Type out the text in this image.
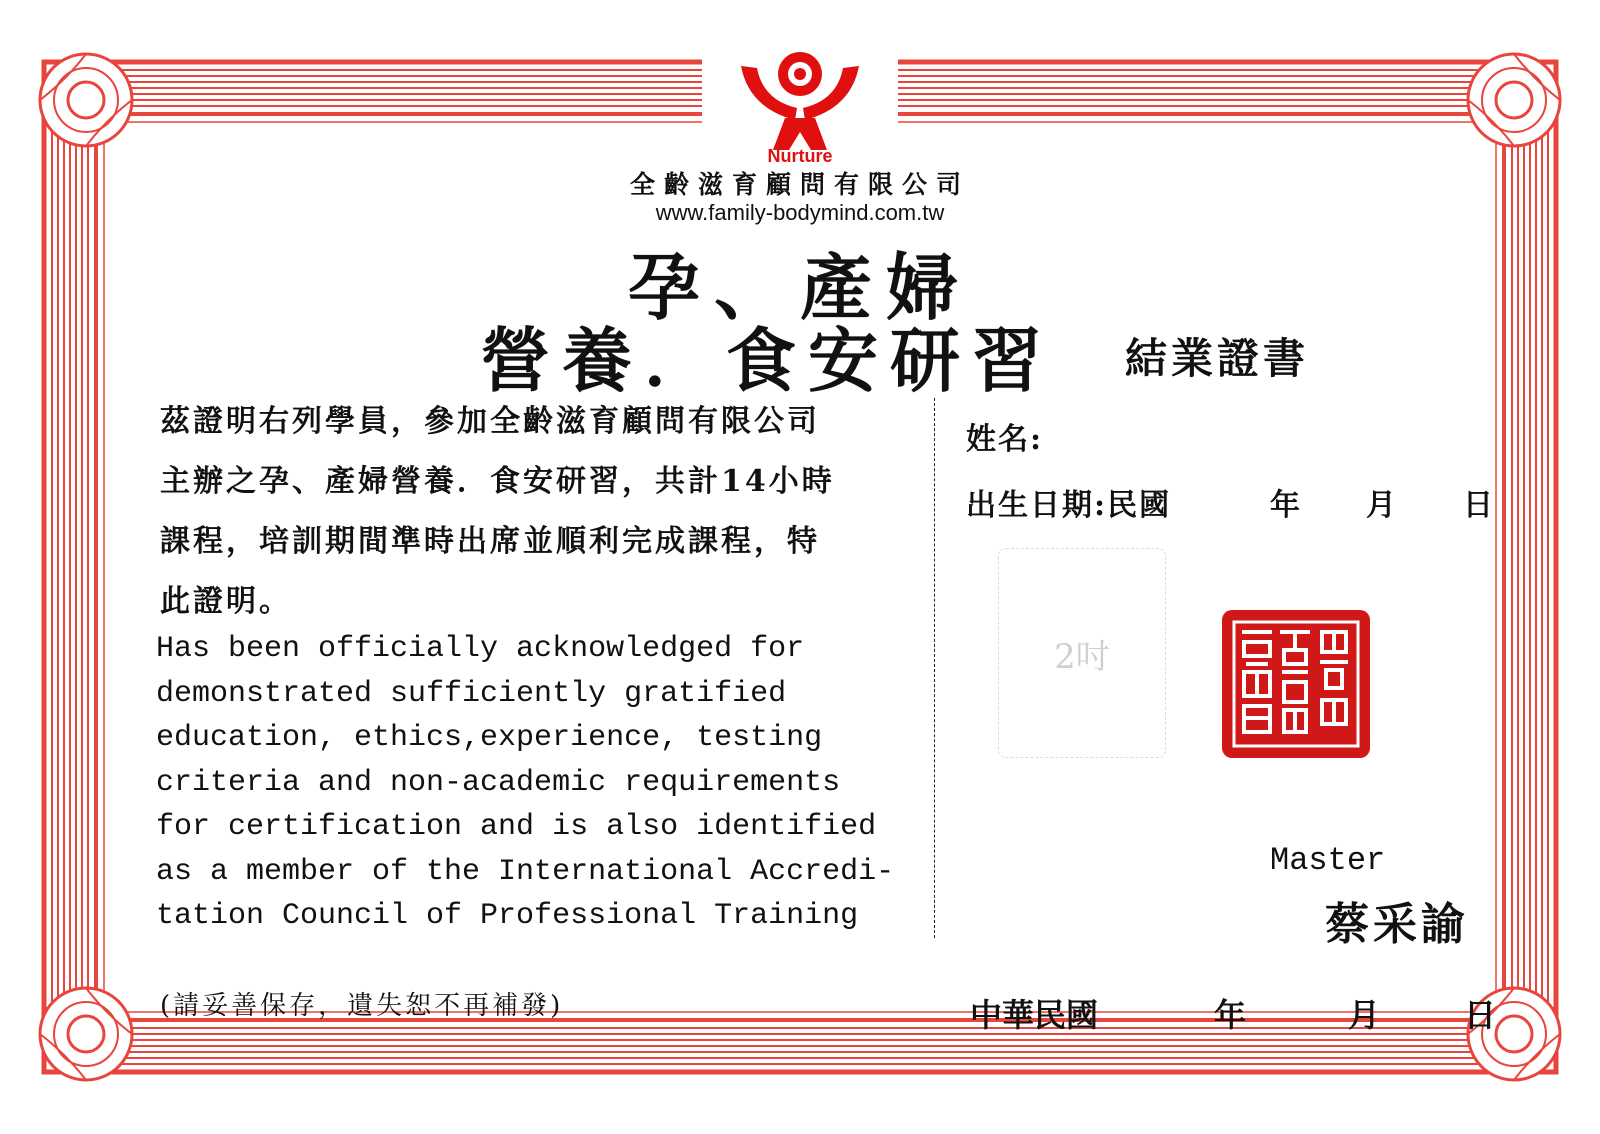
Nurture
全齡滋育顧問有限公司
www.family-bodymind.com.tw
孕、產婦
營養．食安研習	結業證書
茲證明右列學員，參加全齡滋育顧問有限公司
主辦之孕、產婦營養．食安研習，共計14小時
課程，培訓期間準時出席並順利完成課程，特
此證明。
Has been officially acknowledged for
demonstrated sufficiently gratified
education, ethics,experience, testing
criteria and non-academic requirements
for certification and is also identified
as a member of the International Accredi-
tation Council of Professional Training
姓名:
出生日期:民國	年 月 日
2吋
Master
蔡采諭
(請妥善保存，遺失恕不再補發)	中華民國	年	月	日
